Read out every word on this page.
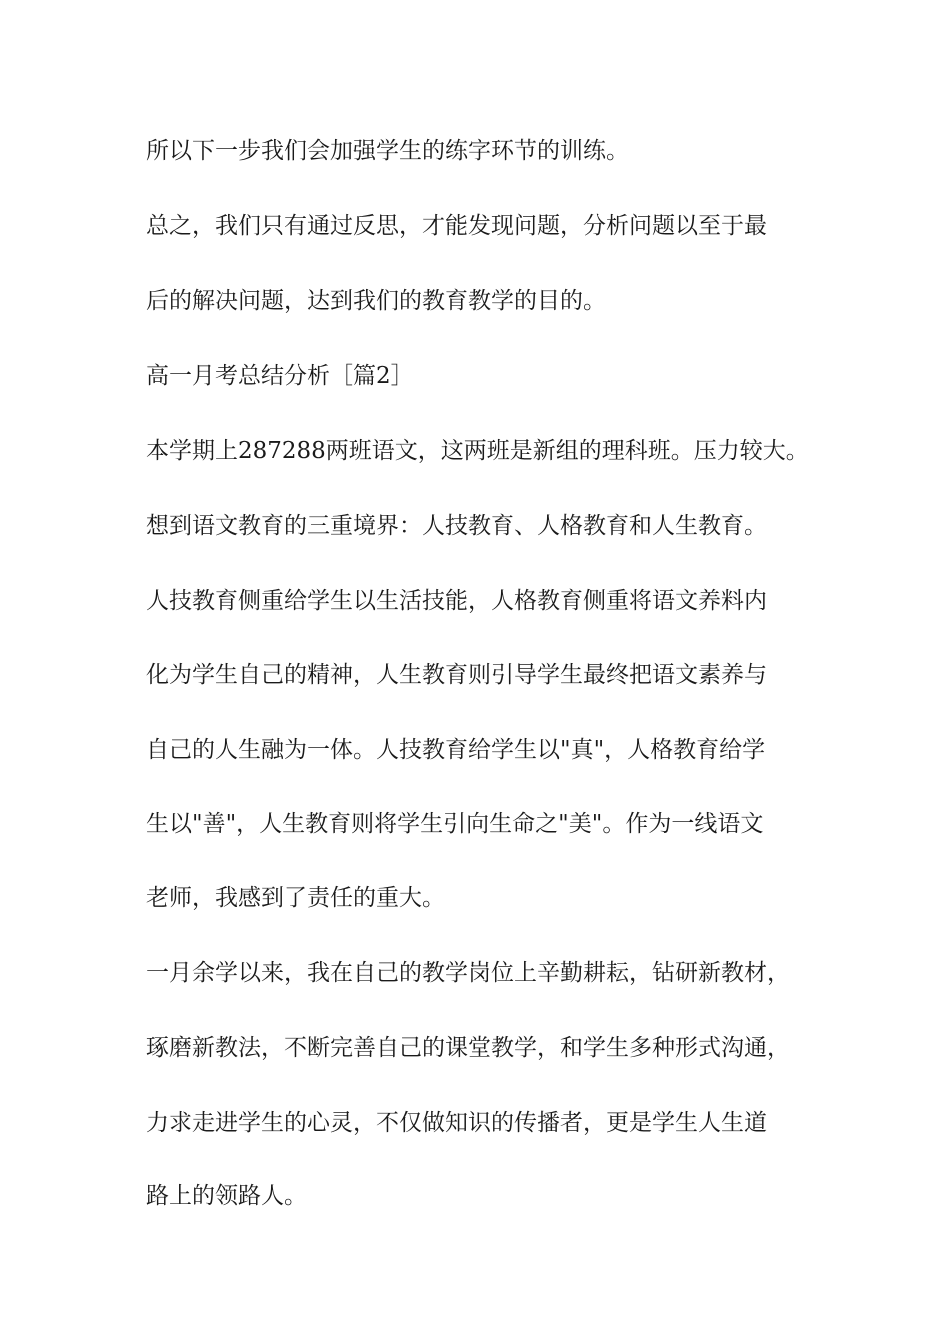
所以下一步我们会加强学生的练字环节的训练。
总之，我们只有通过反思，才能发现问题，分析问题以至于最
后的解决问题，达到我们的教育教学的目的。
高一月考总结分析［篇2］
本学期上287288两班语文，这两班是新组的理科班。压力较大。
想到语文教育的三重境界：人技教育、人格教育和人生教育。
人技教育侧重给学生以生活技能，人格教育侧重将语文养料内
化为学生自己的精神，人生教育则引导学生最终把语文素养与
自己的人生融为一体。人技教育给学生以"真"，人格教育给学
生以"善"，人生教育则将学生引向生命之"美"。作为一线语文
老师，我感到了责任的重大。
一月余学以来，我在自己的教学岗位上辛勤耕耘，钻研新教材，
琢磨新教法，不断完善自己的课堂教学，和学生多种形式沟通，
力求走进学生的心灵，不仅做知识的传播者，更是学生人生道
路上的领路人。
